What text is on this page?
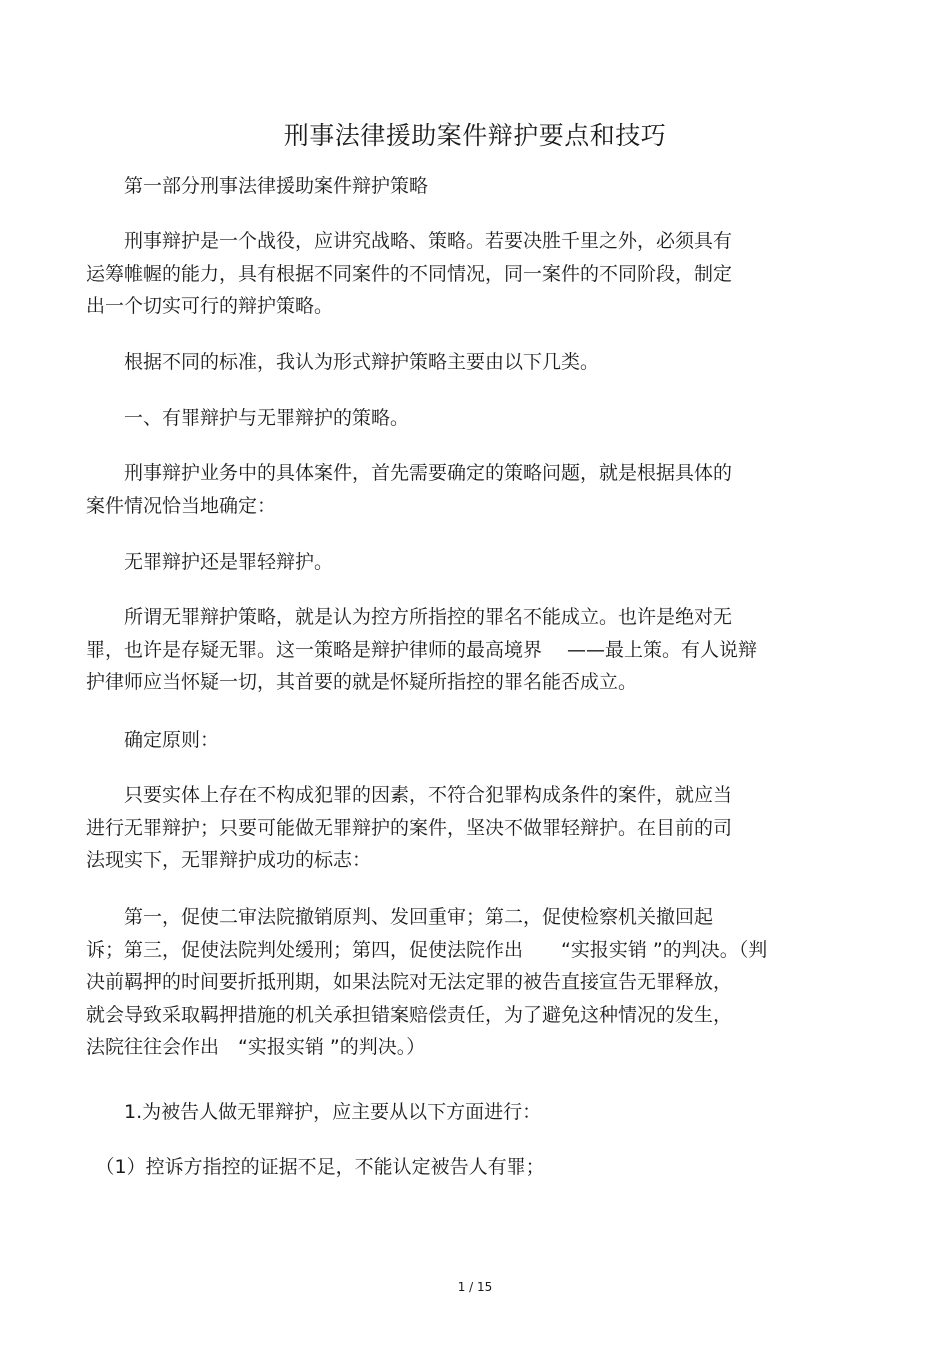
刑事法律援助案件辩护要点和技巧
　　第一部分刑事法律援助案件辩护策略
　　刑事辩护是一个战役，应讲究战略、策略。若要决胜千里之外，必须具有
运筹帷幄的能力，具有根据不同案件的不同情况，同一案件的不同阶段，制定
出一个切实可行的辩护策略。
　　根据不同的标准，我认为形式辩护策略主要由以下几类。
　　一、有罪辩护与无罪辩护的策略。
　　刑事辩护业务中的具体案件，首先需要确定的策略问题，就是根据具体的
案件情况恰当地确定：
　　无罪辩护还是罪轻辩护。
　　所谓无罪辩护策略，就是认为控方所指控的罪名不能成立。也许是绝对无
罪，也许是存疑无罪。这一策略是辩护律师的最高境界　 ——最上策。有人说辩
护律师应当怀疑一切，其首要的就是怀疑所指控的罪名能否成立。
　　确定原则：
　　只要实体上存在不构成犯罪的因素，不符合犯罪构成条件的案件，就应当
进行无罪辩护；只要可能做无罪辩护的案件，坚决不做罪轻辩护。在目前的司
法现实下，无罪辩护成功的标志：
　　第一，促使二审法院撤销原判、发回重审；第二，促使检察机关撤回起
诉；第三，促使法院判处缓刑；第四，促使法院作出　　“实报实销 ”的判决。（判
决前羁押的时间要折抵刑期，如果法院对无法定罪的被告直接宣告无罪释放，
就会导致采取羁押措施的机关承担错案赔偿责任，为了避免这种情况的发生，
法院往往会作出　“实报实销 ”的判决。）
　　1.为被告人做无罪辩护，应主要从以下方面进行：
　（1）控诉方指控的证据不足，不能认定被告人有罪；
1 / 15
